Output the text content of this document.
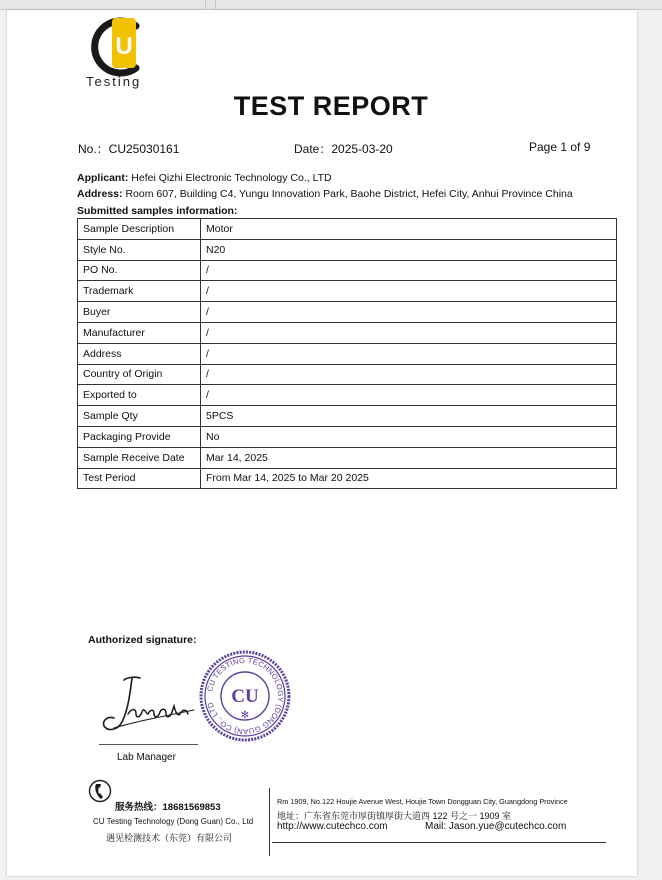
U
Testing
TEST REPORT
No.：CU25030161	Date：2025-03-20	Page 1 of 9
Applicant: Hefei Qizhi Electronic Technology Co., LTD
Address: Room 607, Building C4, Yungu Innovation Park, Baohe District, Hefei City, Anhui Province China
Submitted samples information:
Sample Description	Motor
Style No.	N20
PO No.	/
Trademark	/
Buyer	/
Manufacturer	/
Address	/
Country of Origin	/
Exported to	/
Sample Qty	5PCS
Packaging Provide	No
Sample Receive Date	Mar 14, 2025
Test Period	From Mar 14, 2025 to Mar 20 2025
Authorized signature:
Lab Manager
CU TESTING TECHNOLOGY (DONG GUAN) CO., LTD CU
✻
服务热线：18681569853
CU Testing Technology (Dong Guan) Co., Ltd
遇见检测技术（东莞）有限公司
Rm 1909, No.122 Houjie Avenue West, Houjie Town Dongguan City, Guangdong Province
地址：广东省东莞市厚街镇厚街大道西 122 号之一 1909 室
http://www.cutechco.com	Mail: Jason.yue@cutechco.com
